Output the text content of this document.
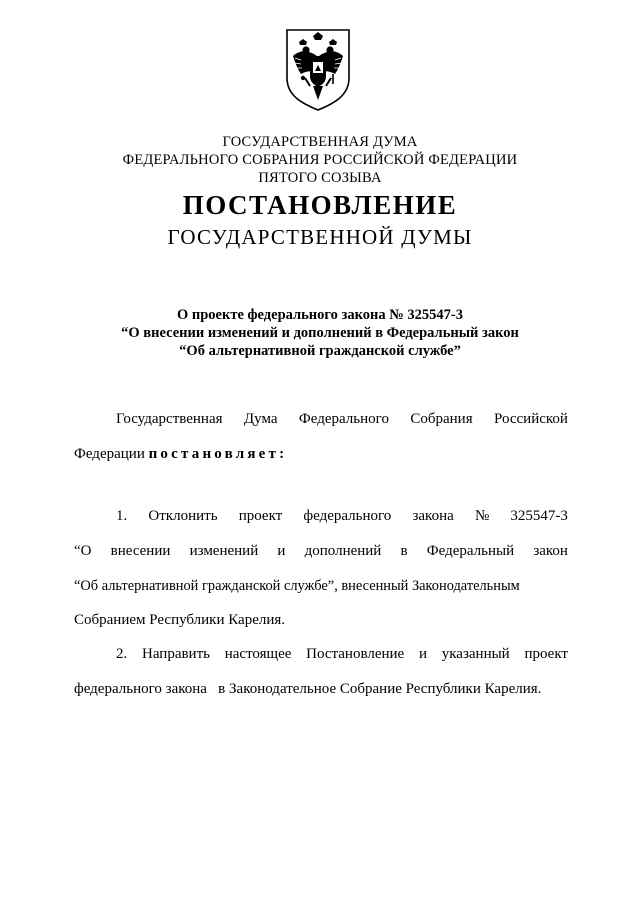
ГОСУДАРСТВЕННАЯ ДУМА

ФЕДЕРАЛЬНОГО СОБРАНИЯ РОССИЙСКОЙ ФЕДЕРАЦИИ

ПЯТОГО СОЗЫВА

ПОСТАНОВЛЕНИЕ

ГОСУДАРСТВЕННОЙ ДУМЫ

О проекте федерального закона № 325547-3
“О внесении изменений и дополнений в Федеральный закон
“Об альтернативной гражданской службе”
Государственная Дума Федерального Собрания Российской
Федерации постановляет:
1. Отклонить проект федерального закона № 325547-3
“О внесении изменений и дополнений в Федеральный закон
“Об альтернативной гражданской службе”, внесенный Законодательным
Собранием Республики Карелия.
2. Направить настоящее Постановление и указанный проект
федерального закона   в Законодательное Собрание Республики Карелия.
